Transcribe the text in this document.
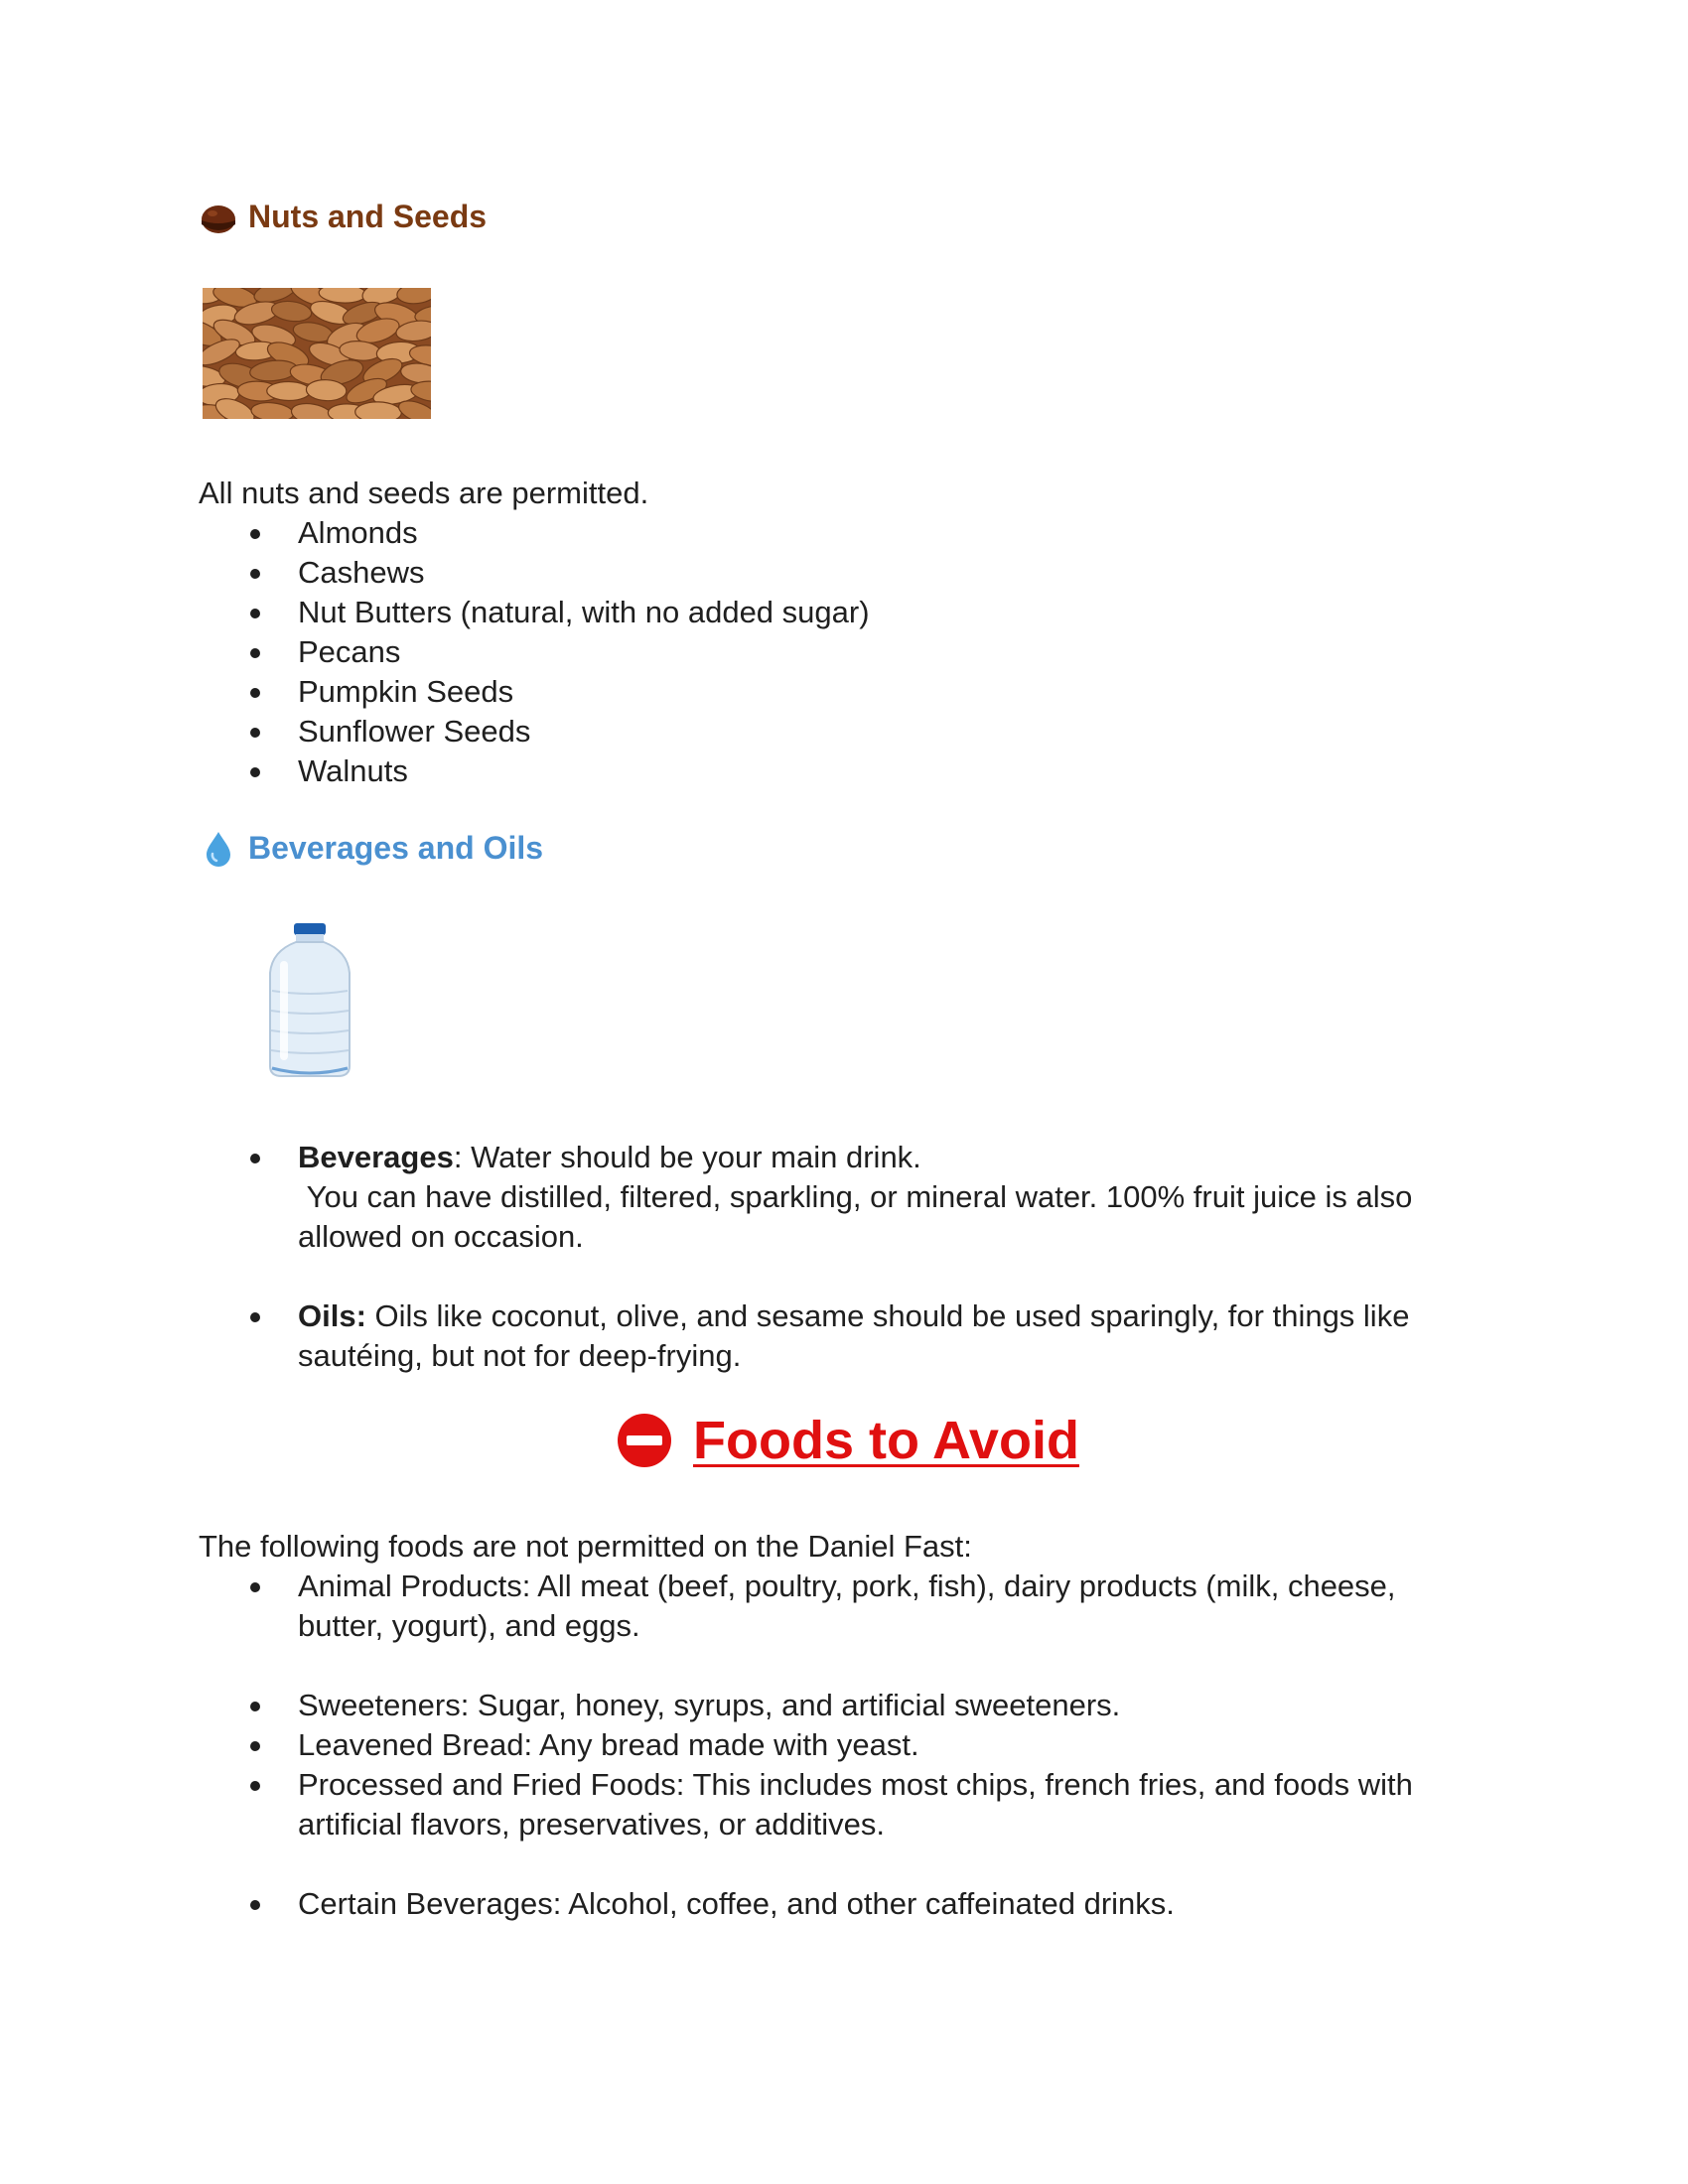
Nuts and Seeds

All nuts and seeds are permitted.

Almonds
Cashews
Nut Butters (natural, with no added sugar)
Pecans
Pumpkin Seeds
Sunflower Seeds
Walnuts
Beverages and Oils
Beverages: Water should be your main drink.
You can have distilled, filtered, sparkling, or mineral water. 100% fruit juice is also allowed on occasion.
Oils: Oils like coconut, olive, and sesame should be used sparingly, for things like sautéing, but not for deep-frying.
Foods to Avoid

The following foods are not permitted on the Daniel Fast:

Animal Products: All meat (beef, poultry, pork, fish), dairy products (milk, cheese, butter, yogurt), and eggs.
Sweeteners: Sugar, honey, syrups, and artificial sweeteners.
Leavened Bread: Any bread made with yeast.
Processed and Fried Foods: This includes most chips, french fries, and foods with artificial flavors, preservatives, or additives.
Certain Beverages: Alcohol, coffee, and other caffeinated drinks.
